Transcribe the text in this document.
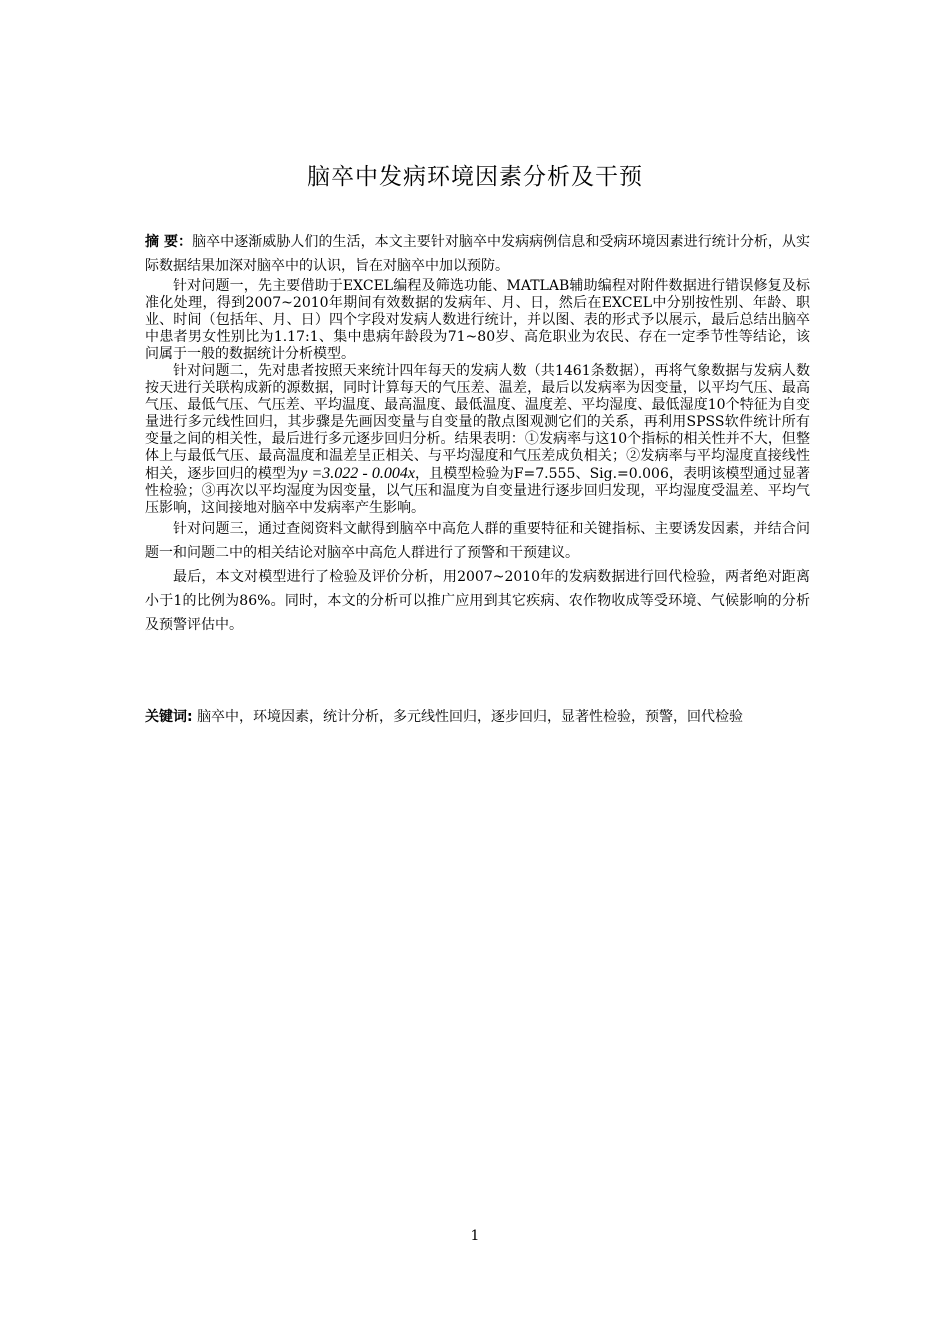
脑卒中发病环境因素分析及干预

摘 要：脑卒中逐渐威胁人们的生活，本文主要针对脑卒中发病病例信息和受病环境因素进行统计分析，从实际数据结果加深对脑卒中的认识，旨在对脑卒中加以预防。

针对问题一，先主要借助于EXCEL编程及筛选功能、MATLAB辅助编程对附件数据进行错误修复及标准化处理，得到2007~2010年期间有效数据的发病年、月、日，然后在EXCEL中分别按性别、年龄、职业、时间（包括年、月、日）四个字段对发病人数进行统计，并以图、表的形式予以展示，最后总结出脑卒中患者男女性别比为1.17:1、集中患病年龄段为71~80岁、高危职业为农民、存在一定季节性等结论，该问属于一般的数据统计分析模型。

针对问题二，先对患者按照天来统计四年每天的发病人数（共1461条数据），再将气象数据与发病人数按天进行关联构成新的源数据，同时计算每天的气压差、温差，最后以发病率为因变量，以平均气压、最高气压、最低气压、气压差、平均温度、最高温度、最低温度、温度差、平均湿度、最低湿度10个特征为自变量进行多元线性回归，其步骤是先画因变量与自变量的散点图观测它们的关系，再利用SPSS软件统计所有变量之间的相关性，最后进行多元逐步回归分析。结果表明：①发病率与这10个指标的相关性并不大，但整体上与最低气压、最高温度和温差呈正相关、与平均湿度和气压差成负相关；②发病率与平均湿度直接线性相关，逐步回归的模型为y =3.022 - 0.004x，且模型检验为F=7.555、Sig.=0.006，表明该模型通过显著性检验；③再次以平均湿度为因变量，以气压和温度为自变量进行逐步回归发现，平均湿度受温差、平均气压影响，这间接地对脑卒中发病率产生影响。

针对问题三，通过查阅资料文献得到脑卒中高危人群的重要特征和关键指标、主要诱发因素，并结合问题一和问题二中的相关结论对脑卒中高危人群进行了预警和干预建议。

最后，本文对模型进行了检验及评价分析，用2007~2010年的发病数据进行回代检验，两者绝对距离小于1的比例为86%。同时，本文的分析可以推广应用到其它疾病、农作物收成等受环境、气候影响的分析及预警评估中。

关键词: 脑卒中，环境因素，统计分析，多元线性回归，逐步回归，显著性检验，预警，回代检验
1
